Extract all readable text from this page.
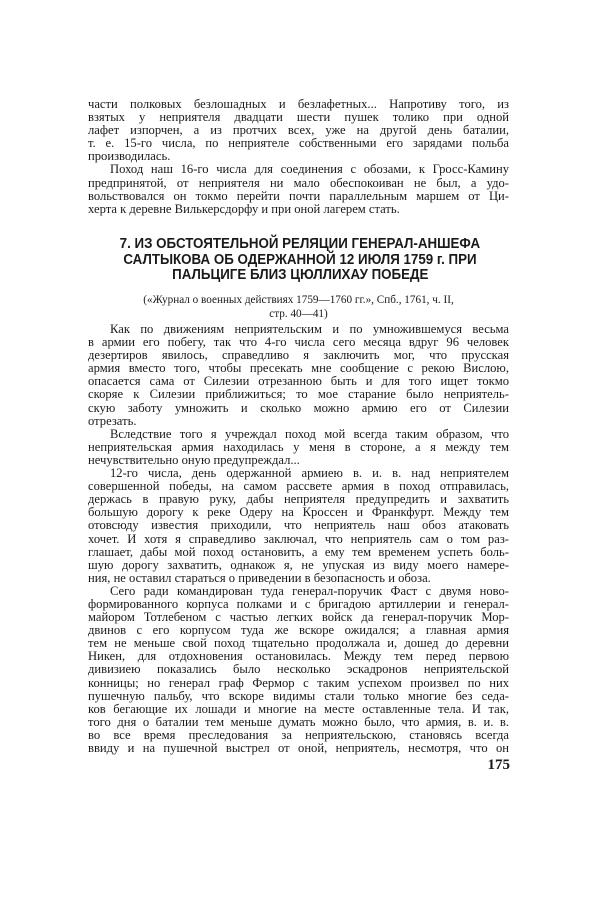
части полковых безлошадных и безлафетных... Напротиву того, из
взятых у неприятеля двадцати шести пушек толико при одной
лафет изпорчен, а из протчих всех, уже на другой день баталии,
т. е. 15-го числа, по неприятеле собственными его зарядами польба
производилась.
Поход наш 16-го числа для соединения с обозами, к Гросс-Камину
предпринятой, от неприятеля ни мало обеспокоиван не был, а удо-
вольствовался он токмо перейти почти параллельным маршем от Ци-
херта к деревне Вилькерсдорфу и при оной лагерем стать.
7. ИЗ ОБСТОЯТЕЛЬНОЙ РЕЛЯЦИИ ГЕНЕРАЛ-АНШЕФА
САЛТЫКОВА ОБ ОДЕРЖАННОЙ 12 ИЮЛЯ 1759 г. ПРИ
ПАЛЬЦИГЕ БЛИЗ ЦЮЛЛИХАУ ПОБЕДЕ
(«Журнал о военных действиях 1759—1760 гг.», Спб., 1761, ч. II,
стр. 40—41)
Как по движениям неприятельским и по умножившемуся весьма
в армии его побегу, так что 4-го числа сего месяца вдруг 96 человек
дезертиров явилось, справедливо я заключить мог, что прусская
армия вместо того, чтобы пресекать мне сообщение с рекою Вислою,
опасается сама от Силезии отрезанною быть и для того ищет токмо
скоряе к Силезии приближиться; то мое старание было неприятель-
скую заботу умножить и сколько можно армию его от Силезии
отрезать.
Вследствие того я учреждал поход мой всегда таким образом, что
неприятельская армия находилась у меня в стороне, а я между тем
нечувствительно оную предупреждал...
12-го числа, день одержанной армиею в. и. в. над неприятелем
совершенной победы, на самом рассвете армия в поход отправилась,
держась в правую руку, дабы неприятеля предупредить и захватить
большую дорогу к реке Одеру на Кроссен и Франкфурт. Между тем
отовсюду известия приходили, что неприятель наш обоз атаковать
хочет. И хотя я справедливо заключал, что неприятель сам о том раз-
глашает, дабы мой поход остановить, а ему тем временем успеть боль-
шую дорогу захватить, однакож я, не упуская из виду моего намере-
ния, не оставил стараться о приведении в безопасность и обоза.
Сего ради командирован туда генерал-поручик Фаст с двумя ново-
формированного корпуса полками и с бригадою артиллерии и генерал-
майором Тотлебеном с частью легких войск да генерал-поручик Мор-
двинов с его корпусом туда же вскоре ожидался; а главная армия
тем не меньше свой поход тщательно продолжала и, дошед до деревни
Никен, для отдохновения остановилась. Между тем перед первою
дивизиею показались было несколько эскадронов неприятельской
конницы; но генерал граф Фермор с таким успехом произвел по них
пушечную пальбу, что вскоре видимы стали только многие без седа-
ков бегающие их лошади и многие на месте оставленные тела. И так,
того дня о баталии тем меньше думать можно было, что армия, в. и. в.
во все время преследования за неприятельскою, становясь всегда
ввиду и на пушечной выстрел от оной, неприятель, несмотря, что он
175
